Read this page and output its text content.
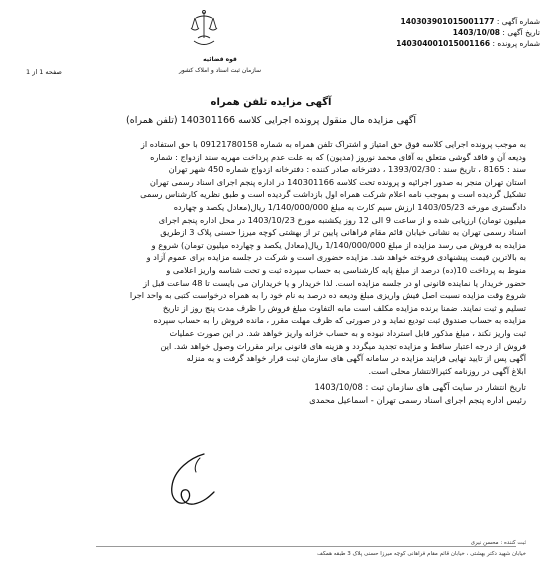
قوه قضائیه
سازمان ثبت اسناد و املاک کشور
شماره آگهی : 140303901015001177
تاریخ آگهی : 1403/10/08
شماره پرونده : 140304001015001166
صفحه 1 از 1
آگهی مزایده تلفن همراه
آگهی مزایده مال منقول پرونده اجرایی کلاسه 140301166 (تلفن همراه)
به موجب پرونده اجرایی کلاسه فوق حق امتیاز و اشتراک تلفن همراه به شماره 09121780158 با حق استفاده از
ودیعه آن و فاقد گوشی متعلق به آقای محمد نوروز (مدیون) که به علت عدم پرداخت مهریه سند ازدواج : شماره
سند : 8165 ، تاریخ سند : 1393/02/30 ، دفترخانه صادر کننده : دفترخانه ازدواج شماره 450 شهر تهران
استان تهران منجر به صدور اجرائیه و پرونده تحت کلاسه 140301166 در اداره پنجم اجرای اسناد رسمی تهران
تشکیل گردیده است و بموجب نامه اعلام شرکت همراه اول بازداشت گردیده است و طبق نظریه کارشناس رسمی
دادگستری مورخه 1403/05/23 ارزش سیم کارت به مبلغ 1/140/000/000 ریال(معادل یکصد و چهارده
میلیون تومان) ارزیابی شده و از ساعت 9 الی 12 روز یکشنبه مورخ 1403/10/23 در محل اداره پنجم اجرای
اسناد رسمی تهران به نشانی خیابان قائم مقام فراهانی پایین تر از بهشتی کوچه میرزا حسنی پلاک 3 ازطریق
مزایده به فروش می رسد مزایده از مبلغ 1/140/000/000 ریال(معادل یکصد و چهارده میلیون تومان) شروع و
به بالاترین قیمت پیشنهادی فروخته خواهد شد. مزایده حضوری است و شرکت در جلسه مزایده برای عموم آزاد و
منوط به پرداخت 10(ده) درصد از مبلغ پایه کارشناسی به حساب سپرده ثبت و تحت شناسه واریز اعلامی و
حضور خریدار یا نماینده قانونی او در جلسه مزایده است. لذا خریدار و یا خریداران می بایست تا 48 ساعت قبل از
شروع وقت مزایده نسبت اصل فیش واریزی مبلغ ودیعه ده درصد به نام خود را به همراه درخواست کتبی به واحد اجرا
تسلیم و ثبت نمایند. ضمنا برنده مزایده مکلف است مابه التفاوت مبلغ فروش را ظرف مدت پنج روز از تاریخ
مزایده به حساب صندوق ثبت تودیع نماید و در صورتی که ظرف مهلت مقرر ، مانده فروش را به حساب سپرده
ثبت واریز نکند ، مبلغ مذکور قابل استرداد نبوده و به حساب خزانه واریز خواهد شد. در این صورت عملیات
فروش از درجه اعتبار ساقط و مزایده تجدید میگردد و هزینه های قانونی برابر مقررات وصول خواهد شد. این
آگهی پس از تایید نهایی فرایند مزایده در سامانه آگهی های سازمان ثبت قرار خواهد گرفت و به منزله
ابلاغ آگهی در روزنامه کثیرالانتشار محلی است.
تاریخ انتشار در سایت آگهی های سازمان ثبت : 1403/10/08
رئیس اداره پنجم اجرای اسناد رسمی تهران - اسماعیل محمدی
ثبت کننده : محسن نیری
خیابان شهید دکتر بهشتی ، خیابان قائم مقام فراهانی کوچه میرزا حسنی پلاک 3 طبقه همکف
